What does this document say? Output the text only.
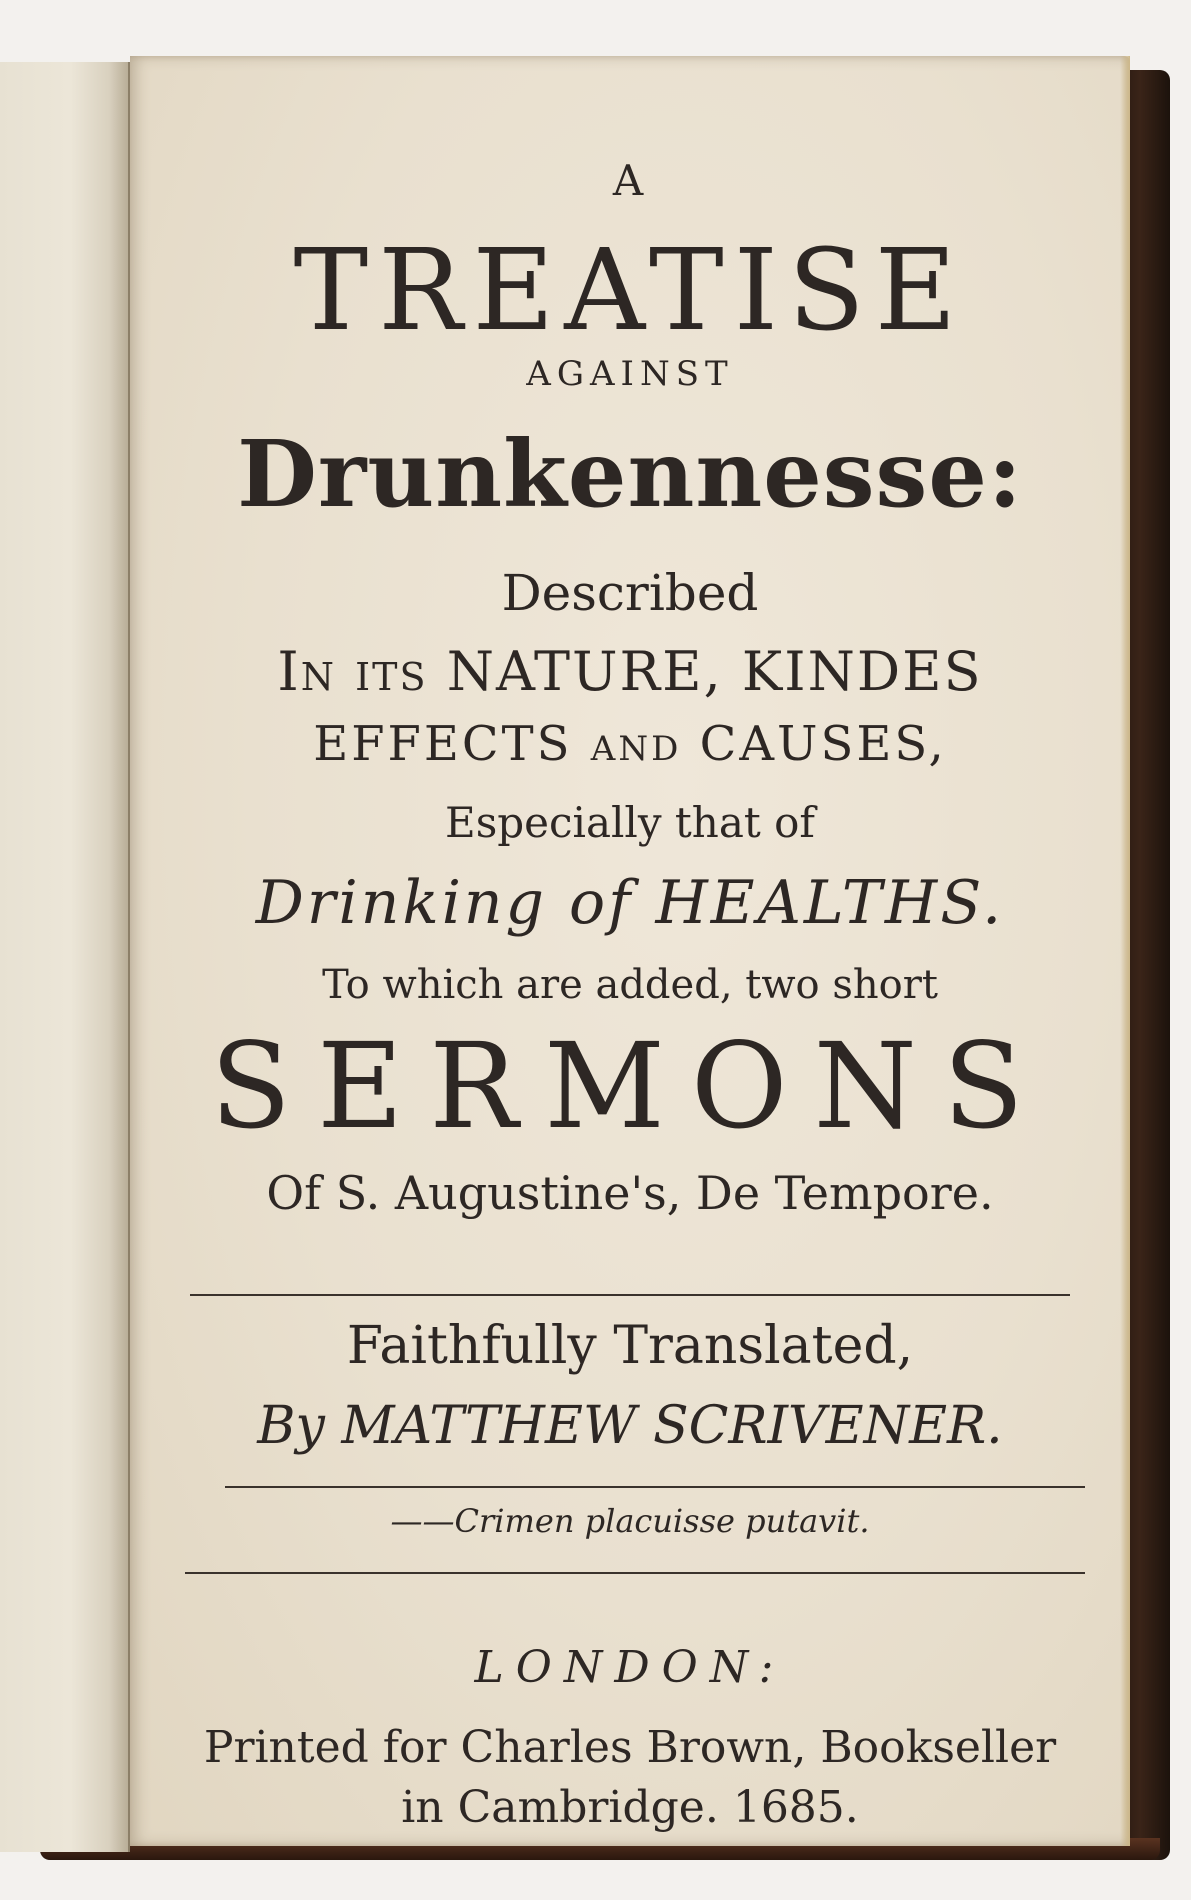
A
TREATISE
AGAINST
Drunkennesse:
Described
In its NATURE, KINDES
EFFECTS and CAUSES,
Especially that of
Drinking of HEALTHS.
To which are added, two short
SERMONS
Of S. Augustine's, De Tempore.
Faithfully Translated,
By MATTHEW SCRIVENER.
——Crimen placuisse putavit.
LONDON:
Printed for Charles Brown, Bookseller
in Cambridge. 1685.
